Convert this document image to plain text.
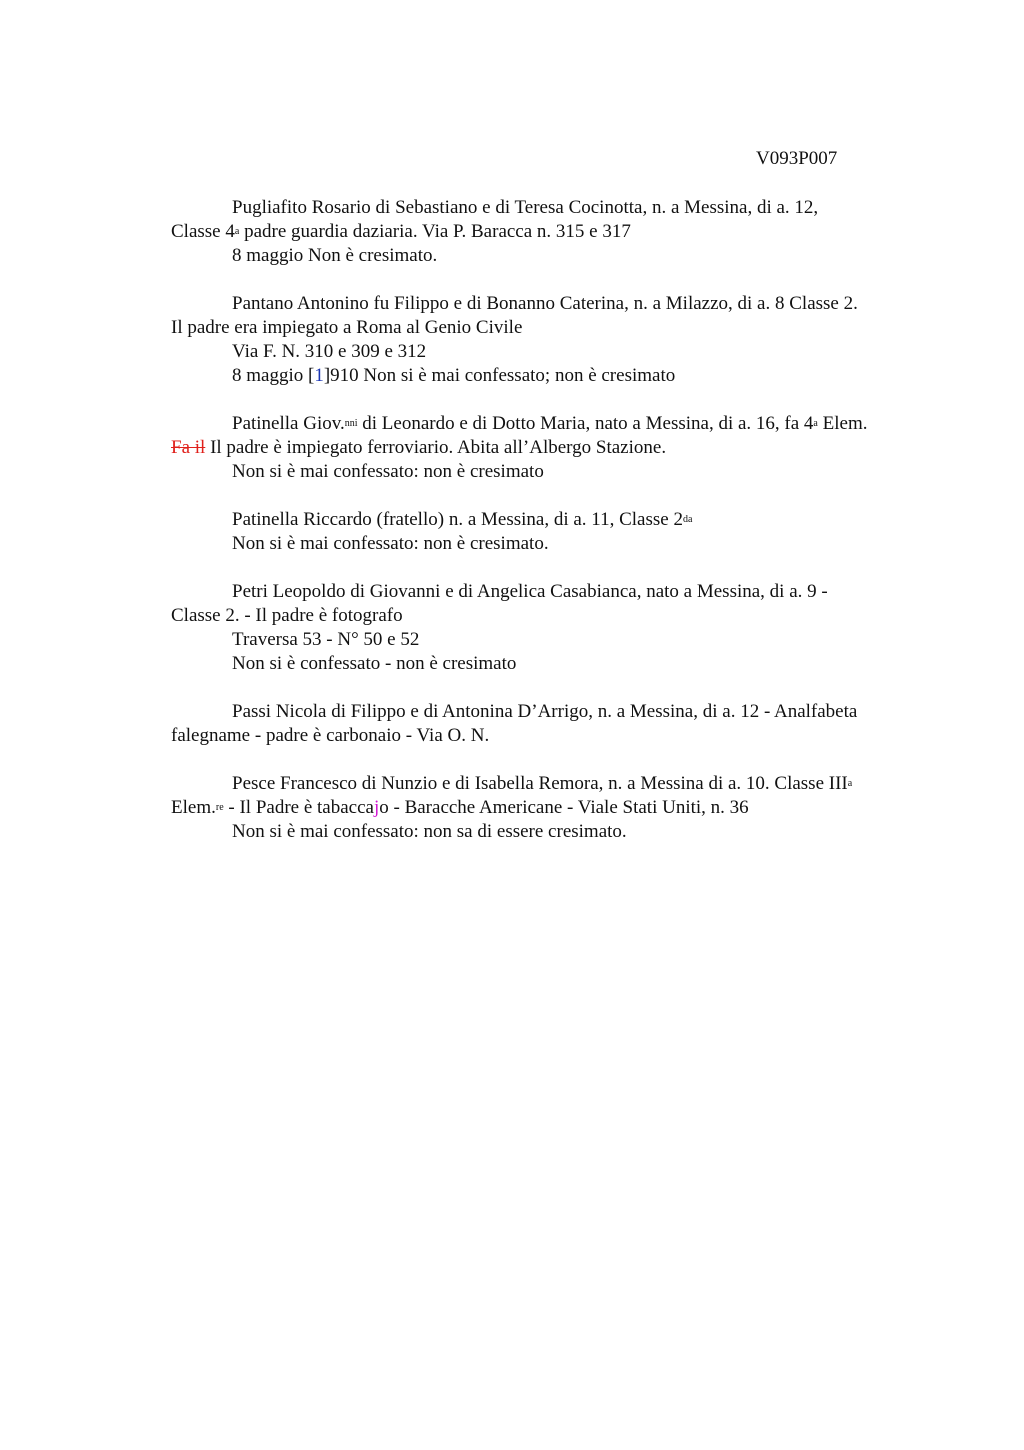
V093P007
Pugliafito Rosario di Sebastiano e di Teresa Cocinotta, n. a Messina, di a. 12,
Classe 4$^a$ padre guardia daziaria. Via P. Baracca n. 315 e 317
8 maggio Non è cresimato.
Pantano Antonino fu Filippo e di Bonanno Caterina, n. a Milazzo, di a. 8 Classe 2.
Il padre era impiegato a Roma al Genio Civile
Via F. N. 310 e 309 e 312
8 maggio [1]910 Non si è mai confessato; non è cresimato
Patinella Giov.$^{nni}$ di Leonardo e di Dotto Maria, nato a Messina, di a. 16, fa 4$^a$ Elem.
Fa il Il padre è impiegato ferroviario. Abita all’Albergo Stazione.
Non si è mai confessato: non è cresimato
Patinella Riccardo (fratello) n. a Messina, di a. 11, Classe $2^{da}$
Non si è mai confessato: non è cresimato.
Petri Leopoldo di Giovanni e di Angelica Casabianca, nato a Messina, di a. 9 -
Classe 2. - Il padre è fotografo
Traversa 53 - N° 50 e 52
Non si è confessato - non è cresimato
Passi Nicola di Filippo e di Antonina D’Arrigo, n. a Messina, di a. 12 - Analfabeta
falegname - padre è carbonaio - Via O. N.
Pesce Francesco di Nunzio e di Isabella Remora, n. a Messina di a. 10. Classe III$^a$
Elem.$^{re}$ - Il Padre è tabaccajo - Baracche Americane - Viale Stati Uniti, n. 36
Non si è mai confessato: non sa di essere cresimato.
